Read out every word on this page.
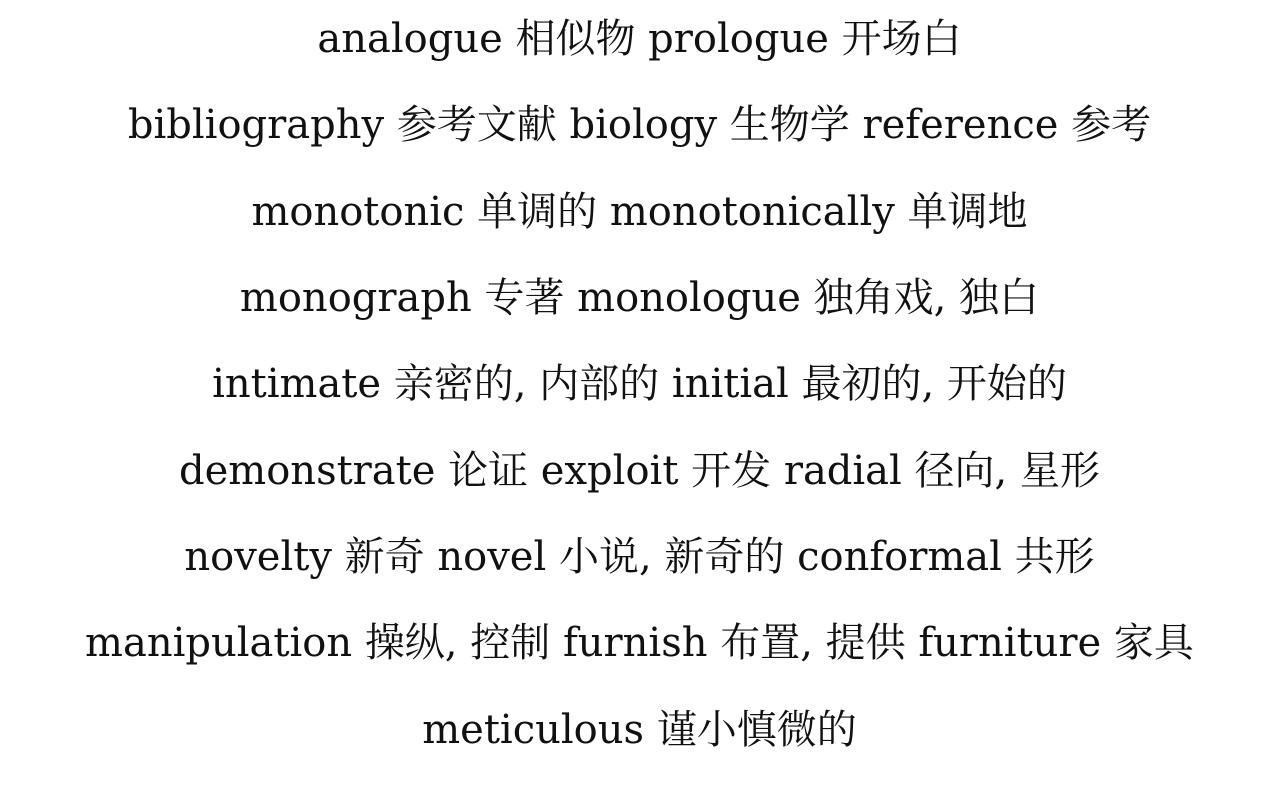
analogue 相似物 prologue 开场白
bibliography 参考文献 biology 生物学 reference 参考
monotonic 单调的 monotonically 单调地
monograph 专著 monologue 独角戏, 独白
intimate 亲密的, 内部的 initial 最初的, 开始的
demonstrate 论证 exploit 开发 radial 径向, 星形
novelty 新奇 novel 小说, 新奇的 conformal 共形
manipulation 操纵, 控制 furnish 布置, 提供 furniture 家具
meticulous 谨小慎微的
